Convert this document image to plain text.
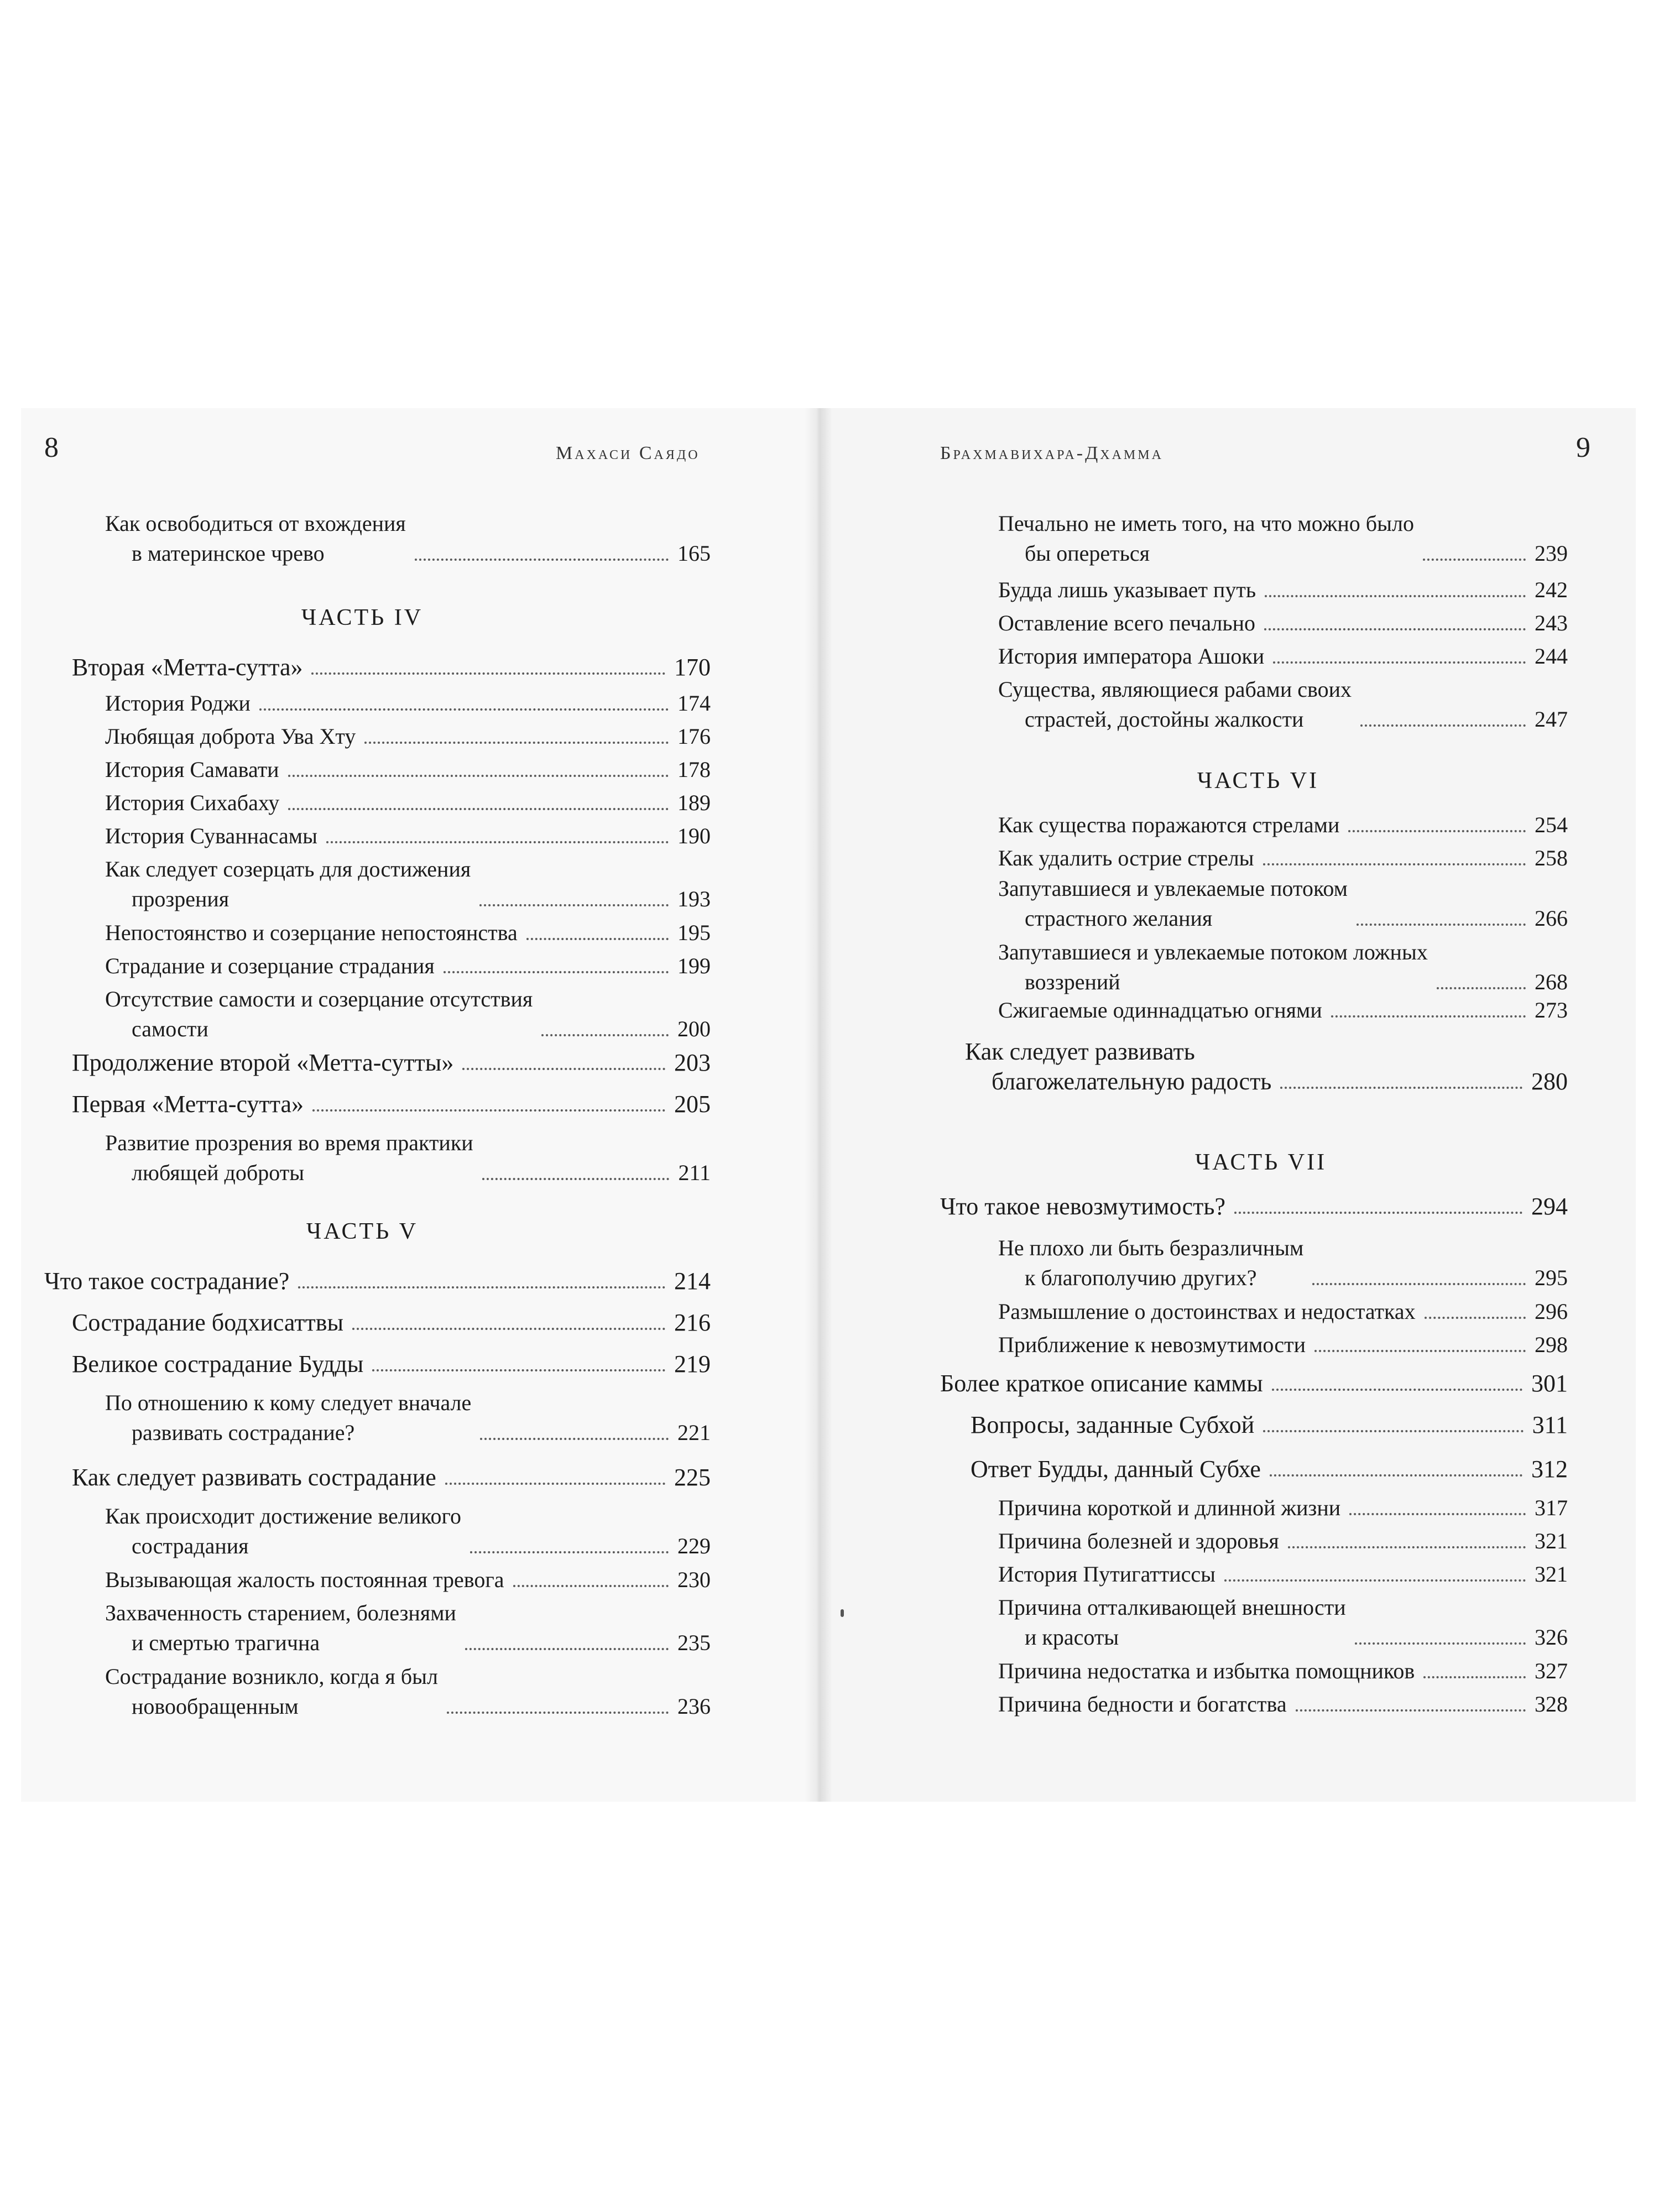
8	Махаси Саядо
Как освободиться от вхождения
в материнское чрево	165
ЧАСТЬ IV
Вторая «Метта-сутта»	170
История Роджи	174
Любящая доброта Ува Хту	176
История Самавати	178
История Сихабаху	189
История Суваннасамы	190
Как следует созерцать для достижения
прозрения	193
Непостоянство и созерцание непостоянства	195
Страдание и созерцание страдания	199
Отсутствие самости и созерцание отсутствия
самости	200
Продолжение второй «Метта-сутты»	203
Первая «Метта-сутта»	205
Развитие прозрения во время практики
любящей доброты	211
ЧАСТЬ V
Что такое сострадание?	214
Сострадание бодхисаттвы	216
Великое сострадание Будды	219
По отношению к кому следует вначале
развивать сострадание?	221
Как следует развивать сострадание	225
Как происходит достижение великого
сострадания	229
Вызывающая жалость постоянная тревога	230
Захваченность старением, болезнями
и смертью трагична	235
Сострадание возникло, когда я был
новообращенным	236
Брахмавихара-Дхамма	9
Печально не иметь того, на что можно было
бы опереться	239
Будда лишь указывает путь	242
Оставление всего печально	243
История императора Ашоки	244
Существа, являющиеся рабами своих
страстей, достойны жалкости	247
ЧАСТЬ VI
Как существа поражаются стрелами	254
Как удалить острие стрелы	258
Запутавшиеся и увлекаемые потоком
страстного желания	266
Запутавшиеся и увлекаемые потоком ложных
воззрений	268
Сжигаемые одиннадцатью огнями	273
Как следует развивать
благожелательную радость	280
ЧАСТЬ VII
Что такое невозмутимость?	294
Не плохо ли быть безразличным
к благополучию других?	295
Размышление о достоинствах и недостатках	296
Приближение к невозмутимости	298
Более краткое описание каммы	301
Вопросы, заданные Субхой	311
Ответ Будды, данный Субхе	312
Причина короткой и длинной жизни	317
Причина болезней и здоровья	321
История Путигаттиссы	321
Причина отталкивающей внешности
и красоты	326
Причина недостатка и избытка помощников	327
Причина бедности и богатства	328
